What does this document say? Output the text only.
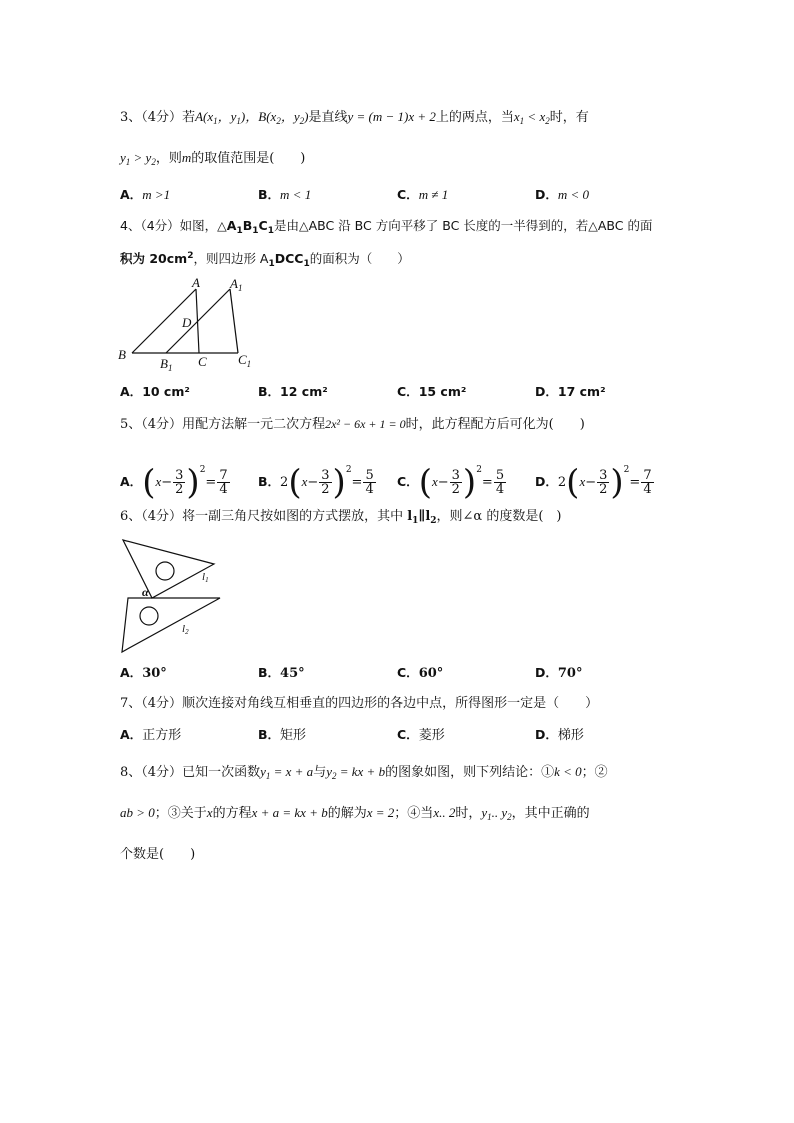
3、（4分）若$A(x_1$，$y_1$)，$B(x_2$，$y_2$)是直线y = (m − 1)x + 2上的两点，当$x_1 < x_2$时，有
$y_1 > y_2$，则m的取值范围是(　　)
A．m >1	B．m < 1	C．m ≠ 1	D．m < 0
4、（4分）如图，$\triangle A_1B_1C_1$是由△ABC 沿 BC 方向平移了 BC 长度的一半得到的，若△ABC 的面
积为 $20cm^2$，则四边形 $A_1DCC_1$的面积为（　　）
A $A_1$
D
B
$B_1$ C $C_1$
A．10 cm²	B．12 cm²	C．15 cm²	D．17 cm²
5、（4分）用配方法解一元二次方程2x² − 6x + 1 = 0时，此方程配方后可化为(　　)
A．$(x- \frac{3}{2} )^2= \frac{7}{4}$ B．$2(x- \frac{3}{2} )^2= \frac{5}{4}$ C．$(x- \frac{3}{2} )^2= \frac{5}{4}$ D．$2(x- \frac{3}{2} )^2= \frac{7}{4}$
6、（4分）将一副三角尺按如图的方式摆放，其中 $l_1\parallel l_2$，则∠α 的度数是(　)
α
l1
l2
A．30°	B．45°	C．60°	D．70°
7、（4分）顺次连接对角线互相垂直的四边形的各边中点，所得图形一定是（　　）
A．正方形	B．矩形	C．菱形	D．梯形
8、（4分）已知一次函数$y_1 = x + a$与$y_2$ = kx + b的图象如图，则下列结论：①k < 0；②
ab > 0；③关于x的方程x + a = kx + b的解为x = 2；④当x.. 2时，$y_1$.. $y_2$，其中正确的
个数是(　　)
